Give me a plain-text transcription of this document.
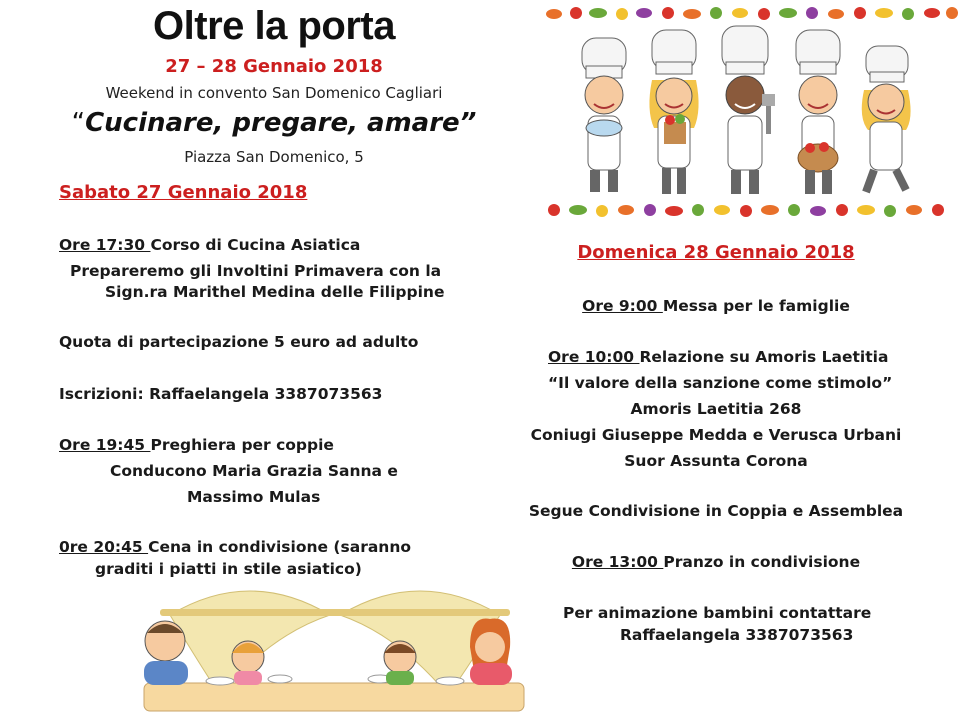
Oltre la porta
27 – 28 Gennaio 2018
Weekend in convento San Domenico Cagliari
“Cucinare, pregare, amare”
Piazza San Domenico, 5
Sabato 27 Gennaio 2018
Ore 17:30 Corso di Cucina Asiatica
Prepareremo gli Involtini Primavera con la
Sign.ra Marithel Medina delle Filippine
Quota di partecipazione 5 euro ad adulto
Iscrizioni: Raffaelangela 3387073563
Ore 19:45 Preghiera per coppie
Conducono Maria Grazia Sanna e
Massimo Mulas
0re 20:45 Cena in condivisione (saranno
graditi i piatti in stile asiatico)
Domenica 28 Gennaio 2018
Ore 9:00 Messa per le famiglie
Ore 10:00 Relazione su Amoris Laetitia
“Il valore della sanzione come stimolo”
Amoris Laetitia 268
Coniugi Giuseppe Medda e Verusca Urbani
Suor Assunta Corona
Segue Condivisione in Coppia e Assemblea
Ore 13:00 Pranzo in condivisione
Per animazione bambini contattare
Raffaelangela 3387073563
